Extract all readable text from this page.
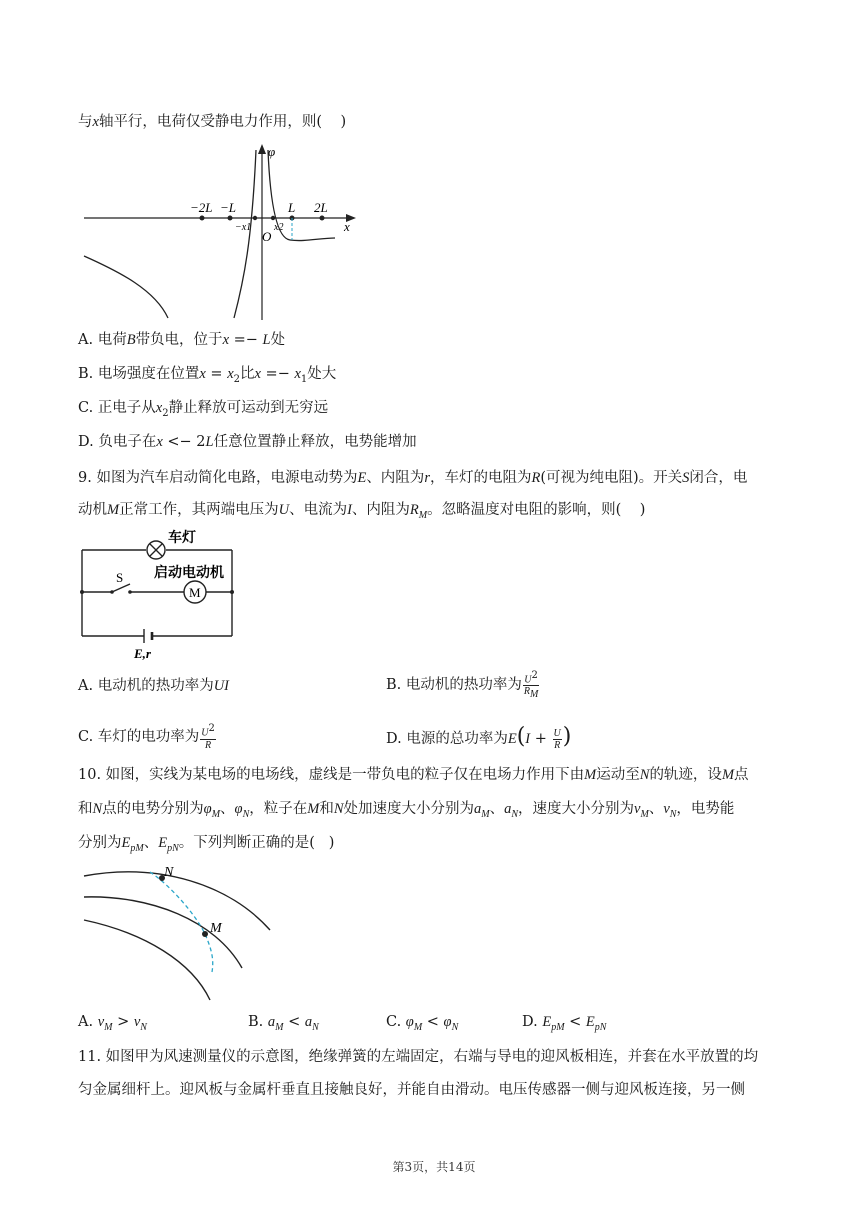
与x轴平行，电荷仅受静电力作用，则(    )
φ
x
O
−2L −L	L 2L
−x1 x2
A. 电荷B带负电，位于x =− L处
B. 电场强度在位置$x = x_2$比$x =- x_1$处大
C. 正电子从$x_2$静止释放可运动到无穷远
D. 负电子在x <− 2L任意位置静止释放，电势能增加
9. 如图为汽车启动简化电路，电源电动势为E、内阻为r，车灯的电阻为R(可视为纯电阻)。开关S闭合，电
动机M正常工作，其两端电压为U、电流为I、内阻为$R_M$。忽略温度对电阻的影响，则(    )
车灯
S
M
启动电动机
E,r
A. 电动机的热功率为UI	B. 电动机的热功率为 $\frac{U^2}{R_M}$
C. 车灯的电功率为 $\frac{U^2}{R}$	D. 电源的总功率为$E(I + \frac{U}{R}$ )
10. 如图，实线为某电场的电场线，虚线是一带负电的粒子仅在电场力作用下由M运动至N的轨迹，设M点
和N点的电势分别为$\varphi_M$、$\varphi_N$，粒子在M和N处加速度大小分别为$a_M$、$a_N$，速度大小分别为$v_M$、$v_N$，电势能
分别为$E_{pM}$、$E_{pN}$。下列判断正确的是(   )
N
M
A. $v_M > v_N$	B. $a_M < a_N$	C. $\varphi_M < \varphi_N$	D. $E_{pM} < E_{pN}$
11. 如图甲为风速测量仪的示意图，绝缘弹簧的左端固定，右端与导电的迎风板相连，并套在水平放置的均
匀金属细杆上。迎风板与金属杆垂直且接触良好，并能自由滑动。电压传感器一侧与迎风板连接，另一侧
第3页，共14页
